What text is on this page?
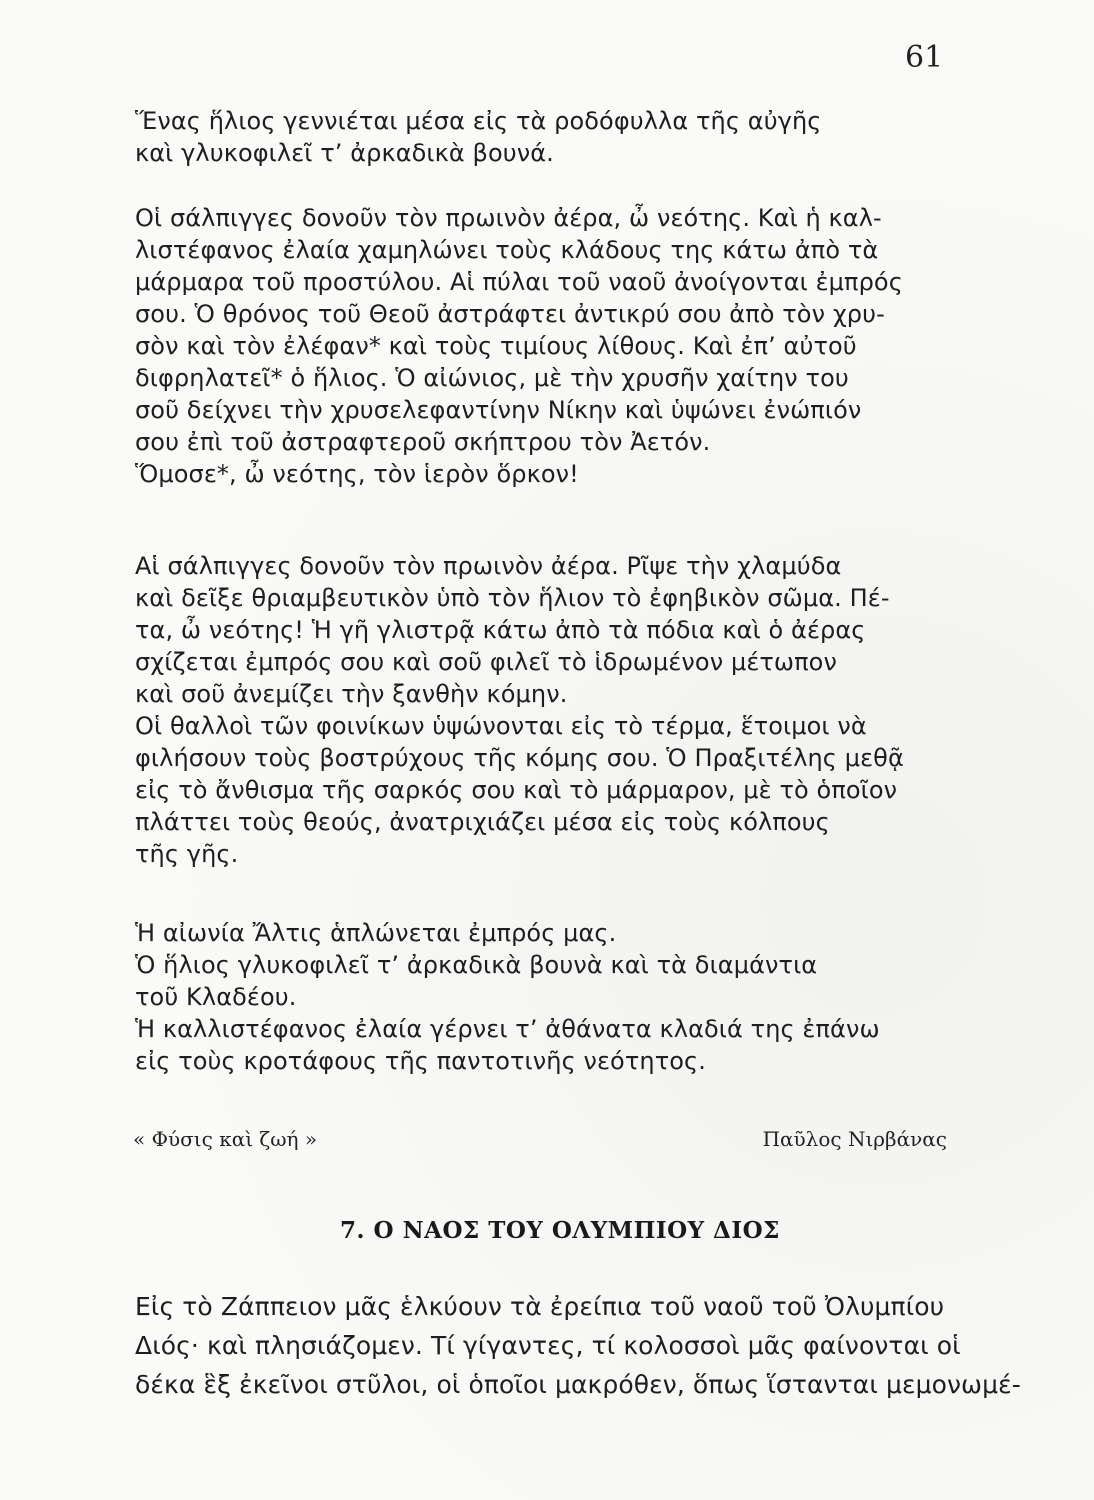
61
Ἕνας ἥλιος γεννιέται μέσα εἰς τὰ ροδόφυλλα τῆς αὐγῆς
καὶ γλυκοφιλεῖ τ’ ἀρκαδικὰ βουνά.
Οἱ σάλπιγγες δονοῦν τὸν πρωινὸν ἀέρα, ὦ νεότης. Καὶ ἡ καλ-
λιστέφανος ἐλαία χαμηλώνει τοὺς κλάδους της κάτω ἀπὸ τὰ
μάρμαρα τοῦ προστύλου. Αἱ πύλαι τοῦ ναοῦ ἀνοίγονται ἐμπρός
σου. Ὁ θρόνος τοῦ Θεοῦ ἀστράφτει ἀντικρύ σου ἀπὸ τὸν χρυ-
σὸν καὶ τὸν ἐλέφαν* καὶ τοὺς τιμίους λίθους. Καὶ ἐπ’ αὐτοῦ
διφρηλατεῖ* ὁ ἥλιος. Ὁ αἰώνιος, μὲ τὴν χρυσῆν χαίτην του
σοῦ δείχνει τὴν χρυσελεφαντίνην Νίκην καὶ ὑψώνει ἐνώπιόν
σου ἐπὶ τοῦ ἀστραφτεροῦ σκήπτρου τὸν Ἀετόν.
Ὅμοσε*, ὦ νεότης, τὸν ἱερὸν ὅρκον!
Αἱ σάλπιγγες δονοῦν τὸν πρωινὸν ἀέρα. Ρῖψε τὴν χλαμύδα
καὶ δεῖξε θριαμβευτικὸν ὑπὸ τὸν ἥλιον τὸ ἐφηβικὸν σῶμα. Πέ-
τα, ὦ νεότης! Ἡ γῆ γλιστρᾷ κάτω ἀπὸ τὰ πόδια καὶ ὁ ἀέρας
σχίζεται ἐμπρός σου καὶ σοῦ φιλεῖ τὸ ἱδρωμένον μέτωπον
καὶ σοῦ ἀνεμίζει τὴν ξανθὴν κόμην.
Οἱ θαλλοὶ τῶν φοινίκων ὑψώνονται εἰς τὸ τέρμα, ἕτοιμοι νὰ
φιλήσουν τοὺς βοστρύχους τῆς κόμης σου. Ὁ Πραξιτέλης μεθᾷ
εἰς τὸ ἄνθισμα τῆς σαρκός σου καὶ τὸ μάρμαρον, μὲ τὸ ὁποῖον
πλάττει τοὺς θεούς, ἀνατριχιάζει μέσα εἰς τοὺς κόλπους
τῆς γῆς.
Ἡ αἰωνία Ἄλτις ἁπλώνεται ἐμπρός μας.
Ὁ ἥλιος γλυκοφιλεῖ τ’ ἀρκαδικὰ βουνὰ καὶ τὰ διαμάντια
τοῦ Κλαδέου.
Ἡ καλλιστέφανος ἐλαία γέρνει τ’ ἀθάνατα κλαδιά της ἐπάνω
εἰς τοὺς κροτάφους τῆς παντοτινῆς νεότητος.
« Φύσις καὶ ζωή »	Παῦλος Νιρβάνας
7. Ο ΝΑΟΣ ΤΟΥ ΟΛΥΜΠΙΟΥ ΔΙΟΣ
Εἰς τὸ Ζάππειον μᾶς ἑλκύουν τὰ ἐρείπια τοῦ ναοῦ τοῦ Ὀλυμπίου
Διός· καὶ πλησιάζομεν. Τί γίγαντες, τί κολοσσοὶ μᾶς φαίνονται οἱ
δέκα ἓξ ἐκεῖνοι στῦλοι, οἱ ὁποῖοι μακρόθεν, ὅπως ἵστανται μεμονωμέ-
